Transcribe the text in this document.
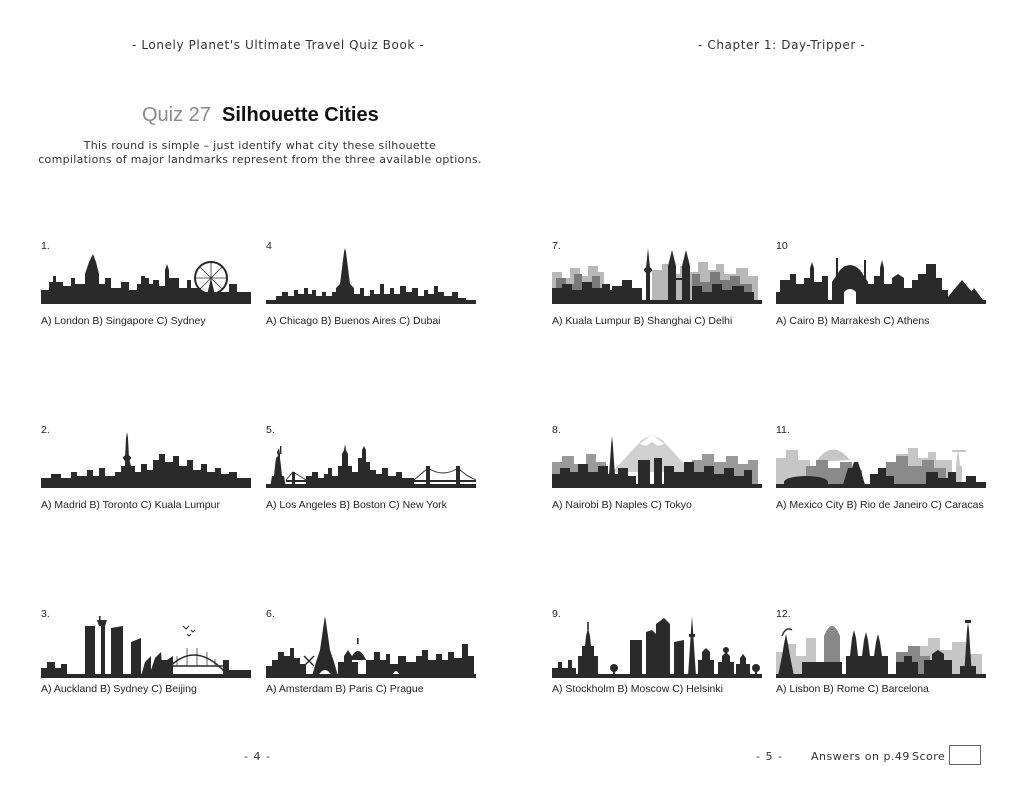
- Lonely Planet's Ultimate Travel Quiz Book -	- Chapter 1: Day-Tripper -
Quiz 27 Silhouette Cities
This round is simple – just identify what city these silhouette
compilations of major landmarks represent from the three available options.
1.
A) London B) Singapore C) Sydney
2.
A) Madrid B) Toronto C) Kuala Lumpur
3.
A) Auckland B) Sydney C) Beijing
4
A) Chicago B) Buenos Aires C) Dubai
5.
A) Los Angeles B) Boston C) New York
6.
A) Amsterdam B) Paris C) Prague
7.
A) Kuala Lumpur B) Shanghai C) Delhi
8.
A) Nairobi B) Naples C) Tokyo
9.
A) Stockholm B) Moscow C) Helsinki
10
A) Cairo B) Marrakesh C) Athens
11.
A) Mexico City B) Rio de Janeiro C) Caracas
12.
A) Lisbon B) Rome C) Barcelona
- 4 -	- 5 -	Answers on p.49 Score
